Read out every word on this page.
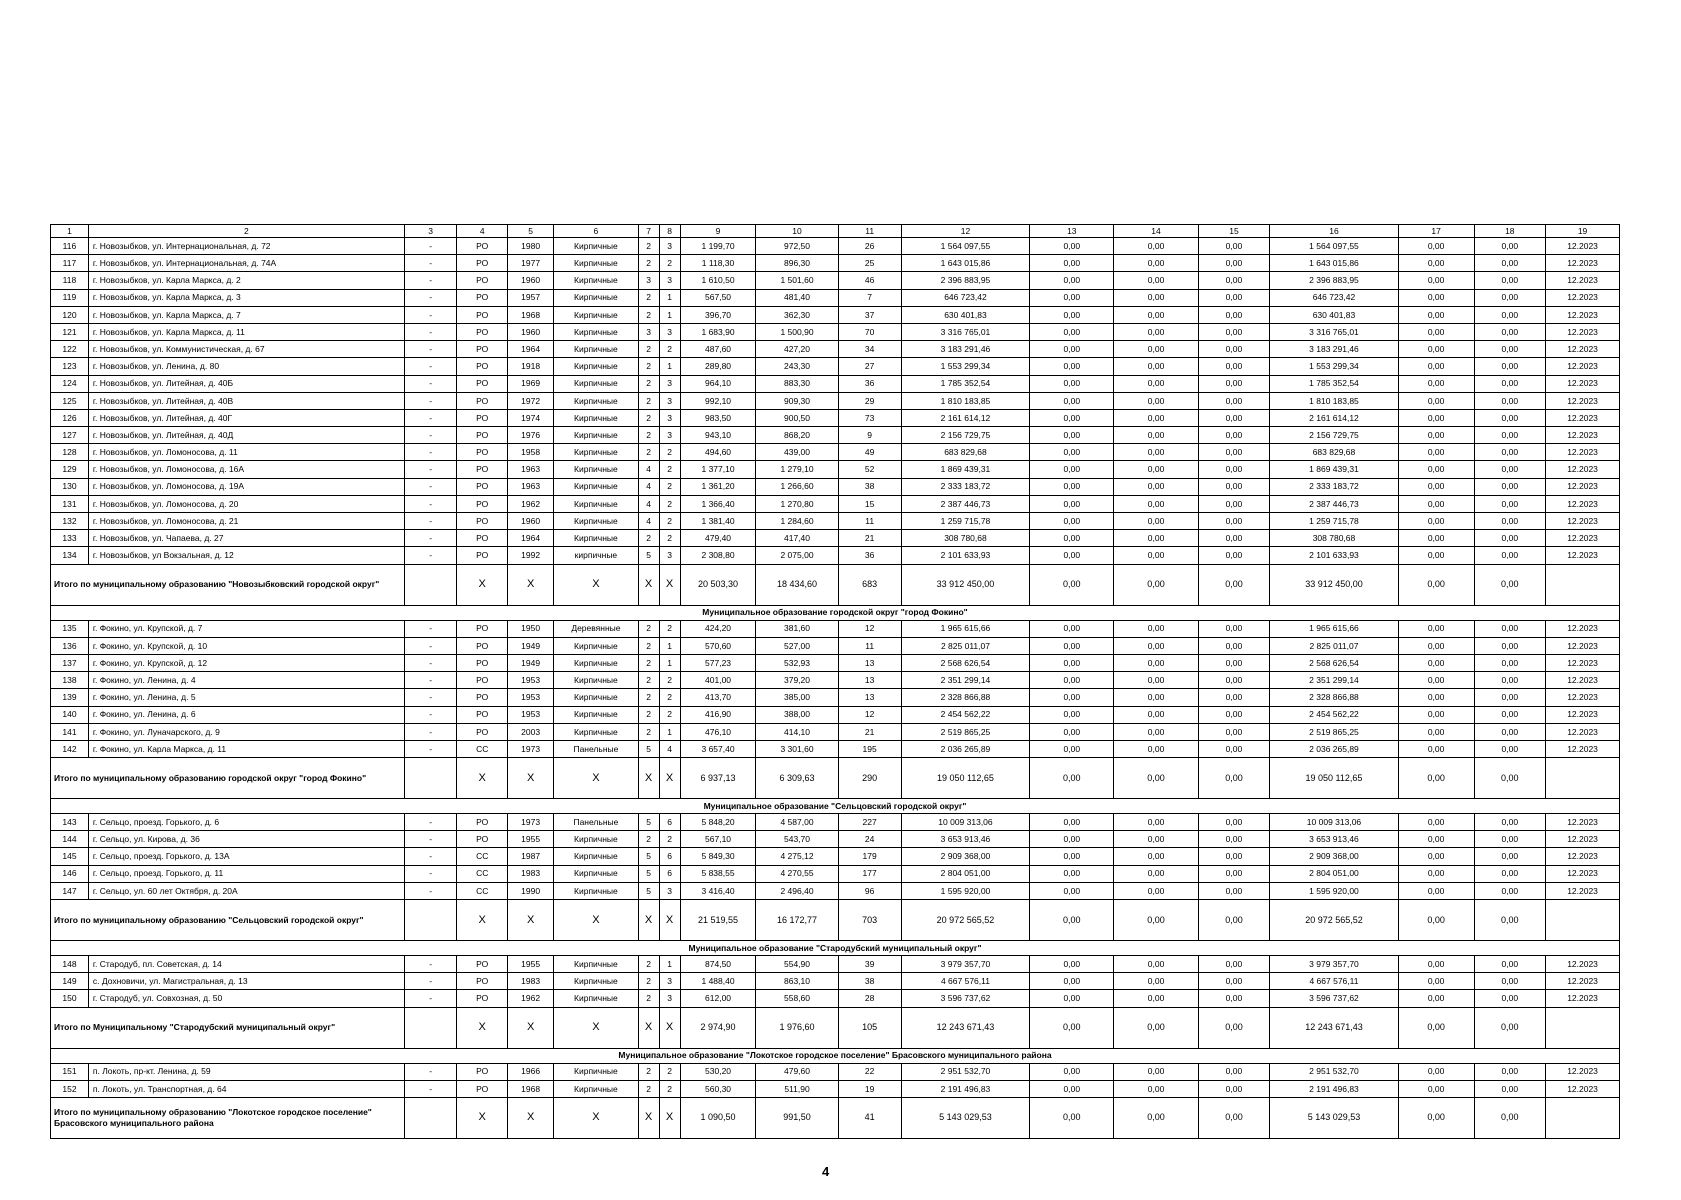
1	2	3	4	5	6	7	8	9	10	11	12	13	14	15	16	17	18	19
116	г. Новозыбков, ул. Интернациональная, д. 72	-	РО	1980	Кирпичные	2	3	1 199,70	972,50	26	1 564 097,55	0,00	0,00	0,00	1 564 097,55	0,00	0,00	12.2023
117	г. Новозыбков, ул. Интернациональная, д. 74А	-	РО	1977	Кирпичные	2	2	1 118,30	896,30	25	1 643 015,86	0,00	0,00	0,00	1 643 015,86	0,00	0,00	12.2023
118	г. Новозыбков, ул. Карла Маркса, д. 2	-	РО	1960	Кирпичные	3	3	1 610,50	1 501,60	46	2 396 883,95	0,00	0,00	0,00	2 396 883,95	0,00	0,00	12.2023
119	г. Новозыбков, ул. Карла Маркса, д. 3	-	РО	1957	Кирпичные	2	1	567,50	481,40	7	646 723,42	0,00	0,00	0,00	646 723,42	0,00	0,00	12.2023
120	г. Новозыбков, ул. Карла Маркса, д. 7	-	РО	1968	Кирпичные	2	1	396,70	362,30	37	630 401,83	0,00	0,00	0,00	630 401,83	0,00	0,00	12.2023
121	г. Новозыбков, ул. Карла Маркса, д. 11	-	РО	1960	Кирпичные	3	3	1 683,90	1 500,90	70	3 316 765,01	0,00	0,00	0,00	3 316 765,01	0,00	0,00	12.2023
122	г. Новозыбков, ул. Коммунистическая, д. 67	-	РО	1964	Кирпичные	2	2	487,60	427,20	34	3 183 291,46	0,00	0,00	0,00	3 183 291,46	0,00	0,00	12.2023
123	г. Новозыбков, ул. Ленина, д. 80	-	РО	1918	Кирпичные	2	1	289,80	243,30	27	1 553 299,34	0,00	0,00	0,00	1 553 299,34	0,00	0,00	12.2023
124	г. Новозыбков, ул. Литейная, д. 40Б	-	РО	1969	Кирпичные	2	3	964,10	883,30	36	1 785 352,54	0,00	0,00	0,00	1 785 352,54	0,00	0,00	12.2023
125	г. Новозыбков, ул. Литейная, д. 40В	-	РО	1972	Кирпичные	2	3	992,10	909,30	29	1 810 183,85	0,00	0,00	0,00	1 810 183,85	0,00	0,00	12.2023
126	г. Новозыбков, ул. Литейная, д. 40Г	-	РО	1974	Кирпичные	2	3	983,50	900,50	73	2 161 614,12	0,00	0,00	0,00	2 161 614,12	0,00	0,00	12.2023
127	г. Новозыбков, ул. Литейная, д. 40Д	-	РО	1976	Кирпичные	2	3	943,10	868,20	9	2 156 729,75	0,00	0,00	0,00	2 156 729,75	0,00	0,00	12.2023
128	г. Новозыбков, ул. Ломоносова, д. 11	-	РО	1958	Кирпичные	2	2	494,60	439,00	49	683 829,68	0,00	0,00	0,00	683 829,68	0,00	0,00	12.2023
129	г. Новозыбков, ул. Ломоносова, д. 16А	-	РО	1963	Кирпичные	4	2	1 377,10	1 279,10	52	1 869 439,31	0,00	0,00	0,00	1 869 439,31	0,00	0,00	12.2023
130	г. Новозыбков, ул. Ломоносова, д. 19А	-	РО	1963	Кирпичные	4	2	1 361,20	1 266,60	38	2 333 183,72	0,00	0,00	0,00	2 333 183,72	0,00	0,00	12.2023
131	г. Новозыбков, ул. Ломоносова, д. 20	-	РО	1962	Кирпичные	4	2	1 366,40	1 270,80	15	2 387 446,73	0,00	0,00	0,00	2 387 446,73	0,00	0,00	12.2023
132	г. Новозыбков, ул. Ломоносова, д. 21	-	РО	1960	Кирпичные	4	2	1 381,40	1 284,60	11	1 259 715,78	0,00	0,00	0,00	1 259 715,78	0,00	0,00	12.2023
133	г. Новозыбков, ул. Чапаева, д. 27	-	РО	1964	Кирпичные	2	2	479,40	417,40	21	308 780,68	0,00	0,00	0,00	308 780,68	0,00	0,00	12.2023
134	г. Новозыбков, ул Вокзальная, д. 12	-	РО	1992	кирпичные	5	3	2 308,80	2 075,00	36	2 101 633,93	0,00	0,00	0,00	2 101 633,93	0,00	0,00	12.2023
Итого по муниципальному образованию "Новозыбковский городской округ"			X	X	X	X	X	20 503,30	18 434,60	683	33 912 450,00	0,00	0,00	0,00	33 912 450,00	0,00	0,00	
Муниципальное образование городской округ "город Фокино"																		
135	г. Фокино, ул. Крупской, д. 7	-	РО	1950	Деревянные	2	2	424,20	381,60	12	1 965 615,66	0,00	0,00	0,00	1 965 615,66	0,00	0,00	12.2023
136	г. Фокино, ул. Крупской, д. 10	-	РО	1949	Кирпичные	2	1	570,60	527,00	11	2 825 011,07	0,00	0,00	0,00	2 825 011,07	0,00	0,00	12.2023
137	г. Фокино, ул. Крупской, д. 12	-	РО	1949	Кирпичные	2	1	577,23	532,93	13	2 568 626,54	0,00	0,00	0,00	2 568 626,54	0,00	0,00	12.2023
138	г. Фокино, ул. Ленина, д. 4	-	РО	1953	Кирпичные	2	2	401,00	379,20	13	2 351 299,14	0,00	0,00	0,00	2 351 299,14	0,00	0,00	12.2023
139	г. Фокино, ул. Ленина, д. 5	-	РО	1953	Кирпичные	2	2	413,70	385,00	13	2 328 866,88	0,00	0,00	0,00	2 328 866,88	0,00	0,00	12.2023
140	г. Фокино, ул. Ленина, д. 6	-	РО	1953	Кирпичные	2	2	416,90	388,00	12	2 454 562,22	0,00	0,00	0,00	2 454 562,22	0,00	0,00	12.2023
141	г. Фокино, ул. Луначарского, д. 9	-	РО	2003	Кирпичные	2	1	476,10	414,10	21	2 519 865,25	0,00	0,00	0,00	2 519 865,25	0,00	0,00	12.2023
142	г. Фокино, ул. Карла Маркса, д. 11	-	СС	1973	Панельные	5	4	3 657,40	3 301,60	195	2 036 265,89	0,00	0,00	0,00	2 036 265,89	0,00	0,00	12.2023
Итого по муниципальному образованию городской округ "город Фокино"			X	X	X	X	X	6 937,13	6 309,63	290	19 050 112,65	0,00	0,00	0,00	19 050 112,65	0,00	0,00	
Муниципальное образование "Сельцовский городской округ"																		
143	г. Сельцо, проезд. Горького, д. 6	-	РО	1973	Панельные	5	6	5 848,20	4 587,00	227	10 009 313,06	0,00	0,00	0,00	10 009 313,06	0,00	0,00	12.2023
144	г. Сельцо, ул. Кирова, д. 36	-	РО	1955	Кирпичные	2	2	567,10	543,70	24	3 653 913,46	0,00	0,00	0,00	3 653 913,46	0,00	0,00	12.2023
145	г. Сельцо, проезд. Горького, д. 13А	-	СС	1987	Кирпичные	5	6	5 849,30	4 275,12	179	2 909 368,00	0,00	0,00	0,00	2 909 368,00	0,00	0,00	12.2023
146	г. Сельцо, проезд. Горького, д. 11	-	СС	1983	Кирпичные	5	6	5 838,55	4 270,55	177	2 804 051,00	0,00	0,00	0,00	2 804 051,00	0,00	0,00	12.2023
147	г. Сельцо, ул. 60 лет Октября, д. 20А	-	СС	1990	Кирпичные	5	3	3 416,40	2 496,40	96	1 595 920,00	0,00	0,00	0,00	1 595 920,00	0,00	0,00	12.2023
Итого по муниципальному образованию "Сельцовский городской округ"			X	X	X	X	X	21 519,55	16 172,77	703	20 972 565,52	0,00	0,00	0,00	20 972 565,52	0,00	0,00	
Муниципальное образование "Стародубский муниципальный округ"																		
148	г. Стародуб, пл. Советская, д. 14	-	РО	1955	Кирпичные	2	1	874,50	554,90	39	3 979 357,70	0,00	0,00	0,00	3 979 357,70	0,00	0,00	12.2023
149	с. Дохновичи, ул. Магистральная, д. 13	-	РО	1983	Кирпичные	2	3	1 488,40	863,10	38	4 667 576,11	0,00	0,00	0,00	4 667 576,11	0,00	0,00	12.2023
150	г. Стародуб, ул. Совхозная, д. 50	-	РО	1962	Кирпичные	2	3	612,00	558,60	28	3 596 737,62	0,00	0,00	0,00	3 596 737,62	0,00	0,00	12.2023
Итого по Муниципальному "Стародубский муниципальный округ"			X	X	X	X	X	2 974,90	1 976,60	105	12 243 671,43	0,00	0,00	0,00	12 243 671,43	0,00	0,00	
Муниципальное образование "Локотское городское поселение" Брасовского муниципального района																		
151	п. Локоть, пр-кт. Ленина, д. 59	-	РО	1966	Кирпичные	2	2	530,20	479,60	22	2 951 532,70	0,00	0,00	0,00	2 951 532,70	0,00	0,00	12.2023
152	п. Локоть, ул. Транспортная, д. 64	-	РО	1968	Кирпичные	2	2	560,30	511,90	19	2 191 496,83	0,00	0,00	0,00	2 191 496,83	0,00	0,00	12.2023
Итого по муниципальному образованию "Локотское городское поселение" Брасовского муниципального района			X	X	X	X	X	1 090,50	991,50	41	5 143 029,53	0,00	0,00	0,00	5 143 029,53	0,00	0,00	
4
